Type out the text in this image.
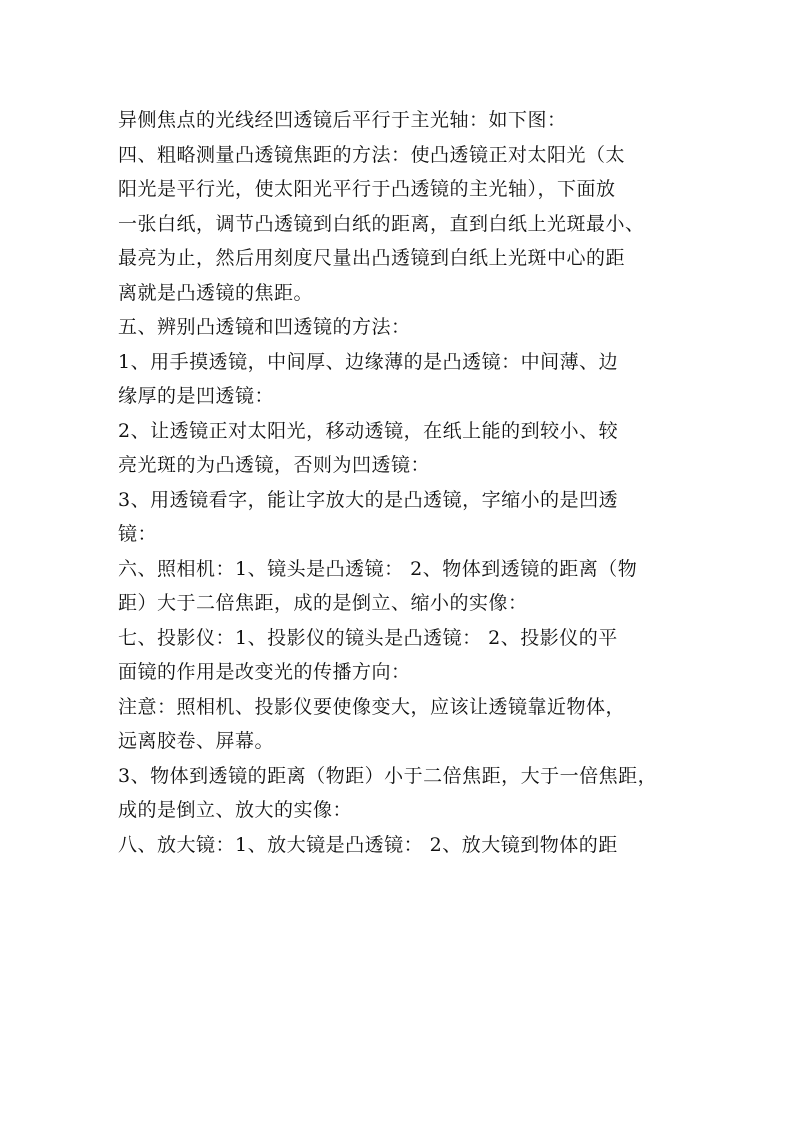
异侧焦点的光线经凹透镜后平行于主光轴：如下图：
四、粗略测量凸透镜焦距的方法：使凸透镜正对太阳光（太
阳光是平行光，使太阳光平行于凸透镜的主光轴），下面放
一张白纸，调节凸透镜到白纸的距离，直到白纸上光斑最小、
最亮为止，然后用刻度尺量出凸透镜到白纸上光斑中心的距
离就是凸透镜的焦距。
五、辨别凸透镜和凹透镜的方法：
1、用手摸透镜，中间厚、边缘薄的是凸透镜：中间薄、边
缘厚的是凹透镜：
2、让透镜正对太阳光，移动透镜，在纸上能的到较小、较
亮光斑的为凸透镜，否则为凹透镜：
3、用透镜看字，能让字放大的是凸透镜，字缩小的是凹透
镜：
六、照相机：1、镜头是凸透镜： 2、物体到透镜的距离（物
距）大于二倍焦距，成的是倒立、缩小的实像：
七、投影仪：1、投影仪的镜头是凸透镜： 2、投影仪的平
面镜的作用是改变光的传播方向：
注意：照相机、投影仪要使像变大，应该让透镜靠近物体，
远离胶卷、屏幕。
3、物体到透镜的距离（物距）小于二倍焦距，大于一倍焦距，
成的是倒立、放大的实像：
八、放大镜：1、放大镜是凸透镜： 2、放大镜到物体的距
